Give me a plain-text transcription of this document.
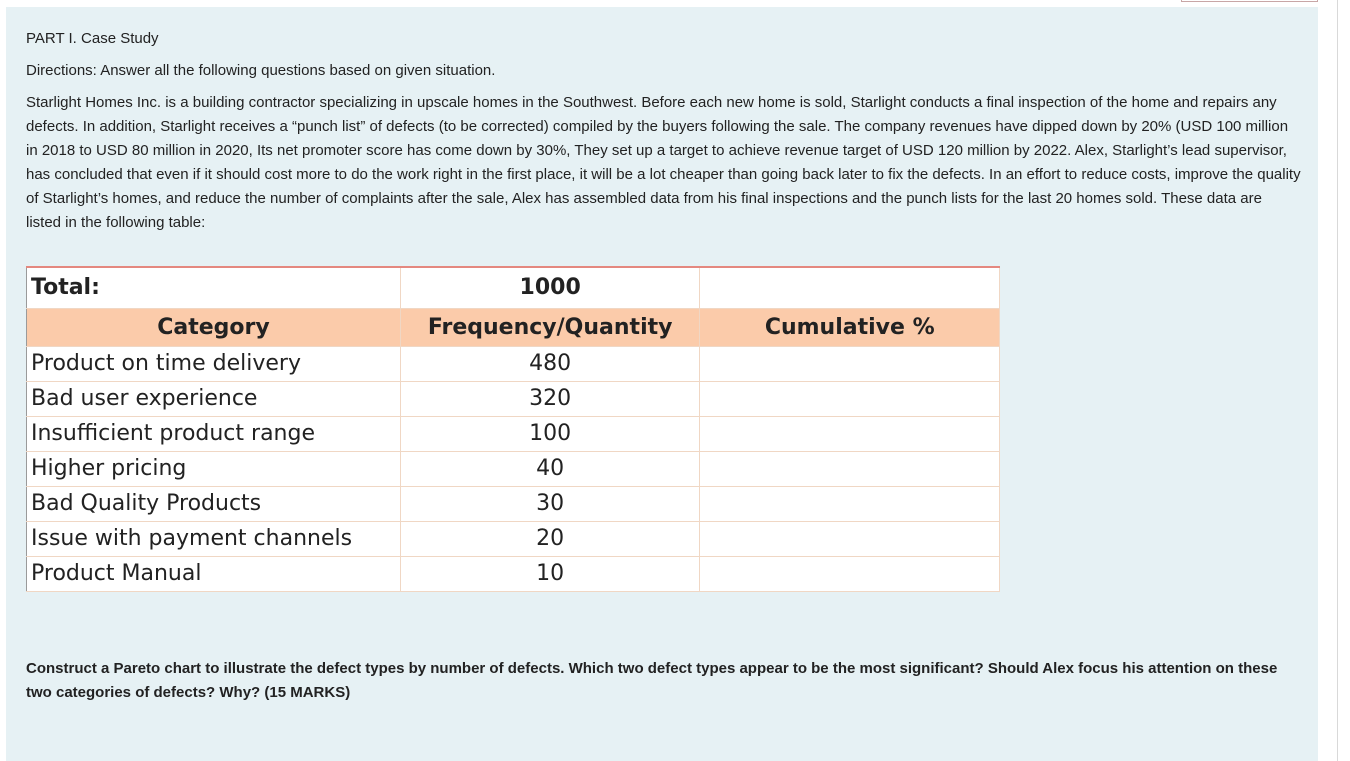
PART I. Case Study

Directions: Answer all the following questions based on given situation.

Starlight Homes Inc. is a building contractor specializing in upscale homes in the Southwest. Before each new home is sold, Starlight conducts a final inspection of the home and repairs any defects. In addition, Starlight receives a “punch list” of defects (to be corrected) compiled by the buyers following the sale. The company revenues have dipped down by 20% (USD 100 million in 2018 to USD 80 million in 2020, Its net promoter score has come down by 30%, They set up a target to achieve revenue target of USD 120 million by 2022. Alex, Starlight’s lead supervisor, has concluded that even if it should cost more to do the work right in the first place, it will be a lot cheaper than going back later to fix the defects. In an effort to reduce costs, improve the quality of Starlight’s homes, and reduce the number of complaints after the sale, Alex has assembled data from his final inspections and the punch lists for the last 20 homes sold. These data are listed in the following table:

Total:	1000	
Category	Frequency/Quantity	Cumulative %
Product on time delivery	480	
Bad user experience	320	
Insufficient product range	100	
Higher pricing	40	
Bad Quality Products	30	
Issue with payment channels	20	
Product Manual	10	

Construct a Pareto chart to illustrate the defect types by number of defects. Which two defect types appear to be the most significant? Should Alex focus his attention on these two categories of defects? Why? (15 MARKS)
